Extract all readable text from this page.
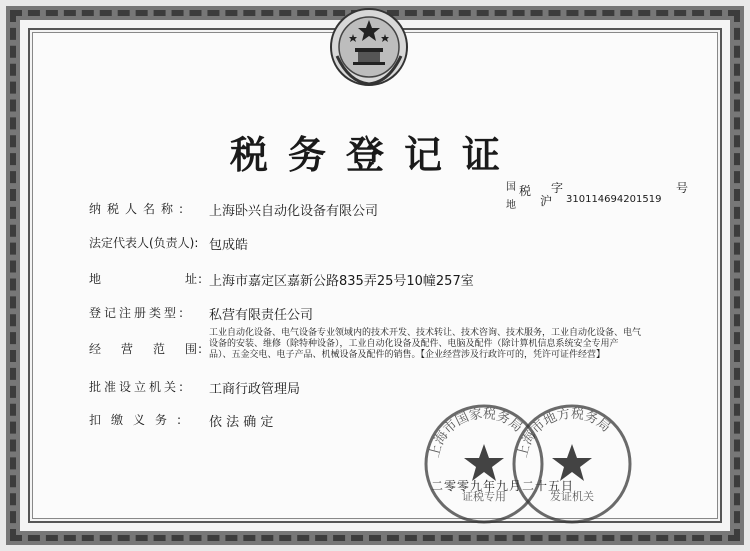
税务登记证
国
地
税
沪
字
310114694201519
号
纳税人名称: 上海卧兴自动化设备有限公司
法定代表人(负责人): 包成皓
地	址: 上海市嘉定区嘉新公路835弄25号10幢257室
登记注册类型: 私营有限责任公司
经 营 范 围:
工业自动化设备、电气设备专业领域内的技术开发、技术转让、技术咨询、技术服务，工业自动化设备、电气
设备的安装、维修（除特种设备），工业自动化设备及配件、电脑及配件（除计算机信息系统安全专用产
品）、五金交电、电子产品、机械设备及配件的销售。【企业经营涉及行政许可的，凭许可证件经营】
批准设立机关: 工商行政管理局
扣缴义务: 依 法 确 定
上海市国家税务局
证税专用
上海市地方税务局
发证机关
二零零九年九月二十五日
